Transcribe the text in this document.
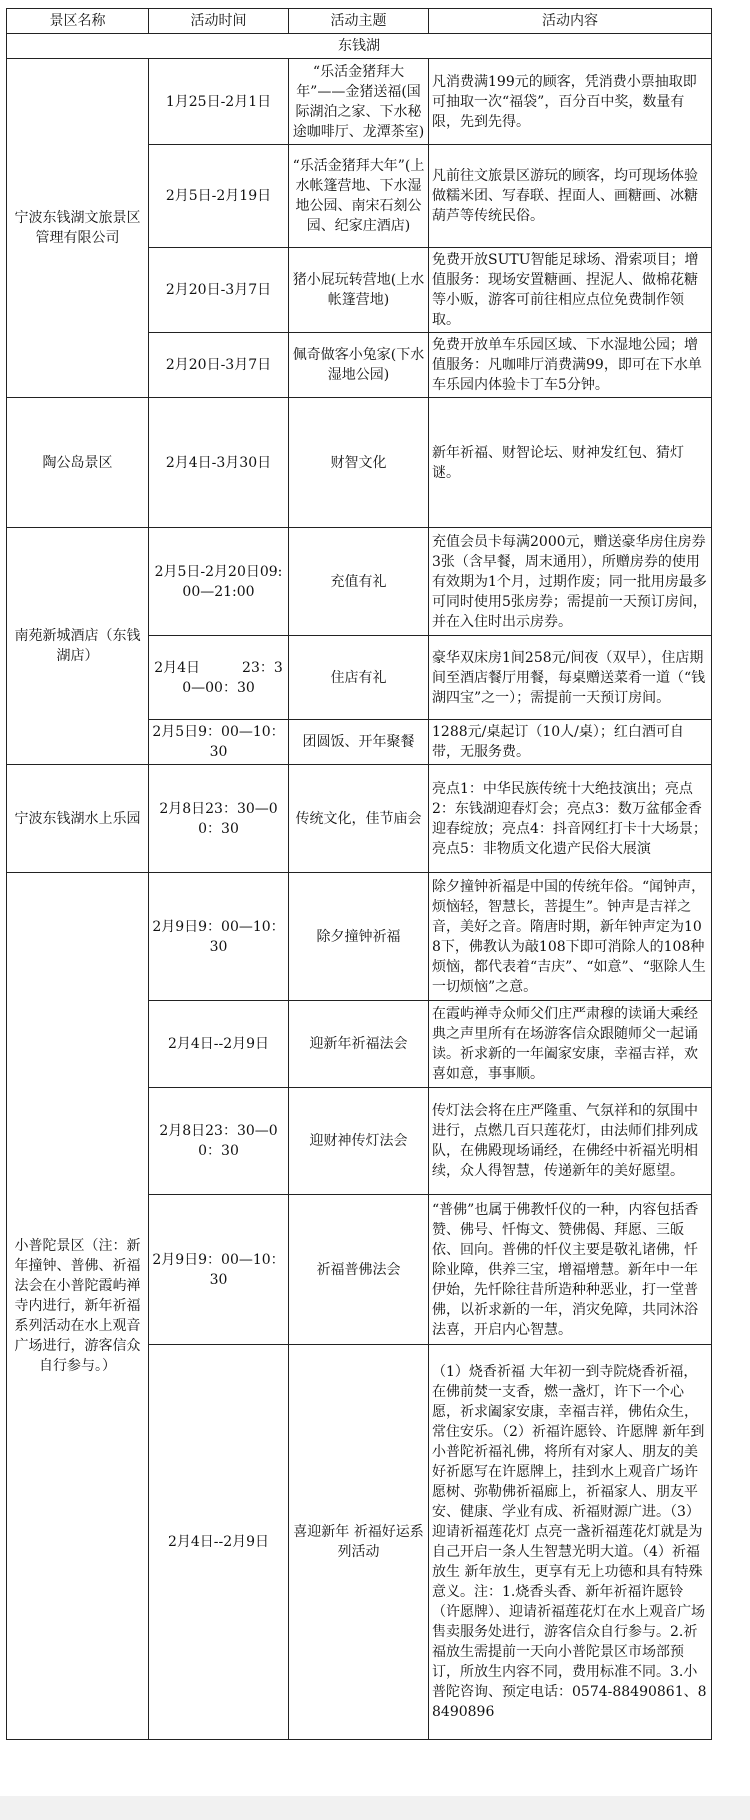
景区名称	活动时间	活动主题	活动内容
东钱湖			
宁波东钱湖文旅景区管理有限公司	1月25日-2月1日	“乐活金猪拜大年”——金猪送福(国际湖泊之家、下水秘途咖啡厅、龙潭茶室)	凡消费满199元的顾客，凭消费小票抽取即可抽取一次“福袋”，百分百中奖，数量有限，先到先得。
	2月5日-2月19日	“乐活金猪拜大年”(上水帐篷营地、下水湿地公园、南宋石刻公园、纪家庄酒店)	凡前往文旅景区游玩的顾客，均可现场体验做糯米团、写春联、捏面人、画糖画、冰糖葫芦等传统民俗。
	2月20日-3月7日	猪小屁玩转营地(上水帐篷营地)	免费开放SUTU智能足球场、滑索项目；增值服务：现场安置糖画、捏泥人、做棉花糖等小贩，游客可前往相应点位免费制作领取。
	2月20日-3月7日	佩奇做客小兔家(下水湿地公园)	免费开放单车乐园区域、下水湿地公园；增值服务：凡咖啡厅消费满99，即可在下水单车乐园内体验卡丁车5分钟。
陶公岛景区	2月4日-3月30日	财智文化	新年祈福、财智论坛、财神发红包、猜灯谜。
南苑新城酒店（东钱湖店）	2月5日-2月20日09:00—21:00	充值有礼	充值会员卡每满2000元，赠送豪华房住房券3张（含早餐，周末通用），所赠房券的使用有效期为1个月，过期作废；同一批用房最多可同时使用5张房券；需提前一天预订房间，并在入住时出示房券。
	2月4日　　　23：30—00：30	住店有礼	豪华双床房1间258元/间夜（双早），住店期间至酒店餐厅用餐，每桌赠送菜肴一道（“钱湖四宝”之一）；需提前一天预订房间。
	2月5日9：00—10：30	团圆饭、开年聚餐	1288元/桌起订（10人/桌）；红白酒可自带，无服务费。
宁波东钱湖水上乐园	2月8日23：30—00：30	传统文化，佳节庙会	亮点1：中华民族传统十大绝技演出；亮点2：东钱湖迎春灯会；亮点3：数万盆郁金香迎春绽放；亮点4：抖音网红打卡十大场景；亮点5：非物质文化遗产民俗大展演
小普陀景区（注：新年撞钟、普佛、祈福法会在小普陀霞屿禅寺内进行，新年祈福系列活动在水上观音广场进行，游客信众自行参与。）	2月9日9：00—10：30	除夕撞钟祈福	除夕撞钟祈福是中国的传统年俗。“闻钟声，烦恼轻，智慧长，菩提生”。钟声是吉祥之音，美好之音。隋唐时期，新年钟声定为108下，佛教认为敲108下即可消除人的108种烦恼，都代表着“吉庆”、“如意”、“驱除人生一切烦恼”之意。
	2月4日--2月9日	迎新年祈福法会	在霞屿禅寺众师父们庄严肃穆的读诵大乘经典之声里所有在场游客信众跟随师父一起诵读。祈求新的一年阖家安康，幸福吉祥，欢喜如意，事事顺。
	2月8日23：30—00：30	迎财神传灯法会	传灯法会将在庄严隆重、气氛祥和的氛围中进行，点燃几百只莲花灯，由法师们排列成队，在佛殿现场诵经，在佛经中祈福光明相续，众人得智慧，传递新年的美好愿望。
	2月9日9：00—10：30	祈福普佛法会	“普佛”也属于佛教忏仪的一种，内容包括香赞、佛号、忏悔文、赞佛偈、拜愿、三皈依、回向。普佛的忏仪主要是敬礼诸佛，忏除业障，供养三宝，增福增慧。新年中一年伊始，先忏除往昔所造种种恶业，打一堂普佛，以祈求新的一年，消灾免障，共同沐浴法喜，开启内心智慧。
	2月4日--2月9日	喜迎新年 祈福好运系列活动	（1）烧香祈福 大年初一到寺院烧香祈福，在佛前焚一支香，燃一盏灯，许下一个心愿，祈求阖家安康，幸福吉祥，佛佑众生，常住安乐。（2）祈福许愿铃、许愿牌 新年到小普陀祈福礼佛，将所有对家人、朋友的美好祈愿写在许愿牌上，挂到水上观音广场许愿树、弥勒佛祈福廊上，祈福家人、朋友平安、健康、学业有成、祈福财源广进。（3）迎请祈福莲花灯 点亮一盏祈福莲花灯就是为自己开启一条人生智慧光明大道。（4）祈福放生 新年放生，更享有无上功德和具有特殊意义。注：1.烧香头香、新年祈福许愿铃（许愿牌）、迎请祈福莲花灯在水上观音广场售卖服务处进行，游客信众自行参与。2.祈福放生需提前一天向小普陀景区市场部预订，所放生内容不同，费用标准不同。3.小普陀咨询、预定电话：0574-88490861、88490896
